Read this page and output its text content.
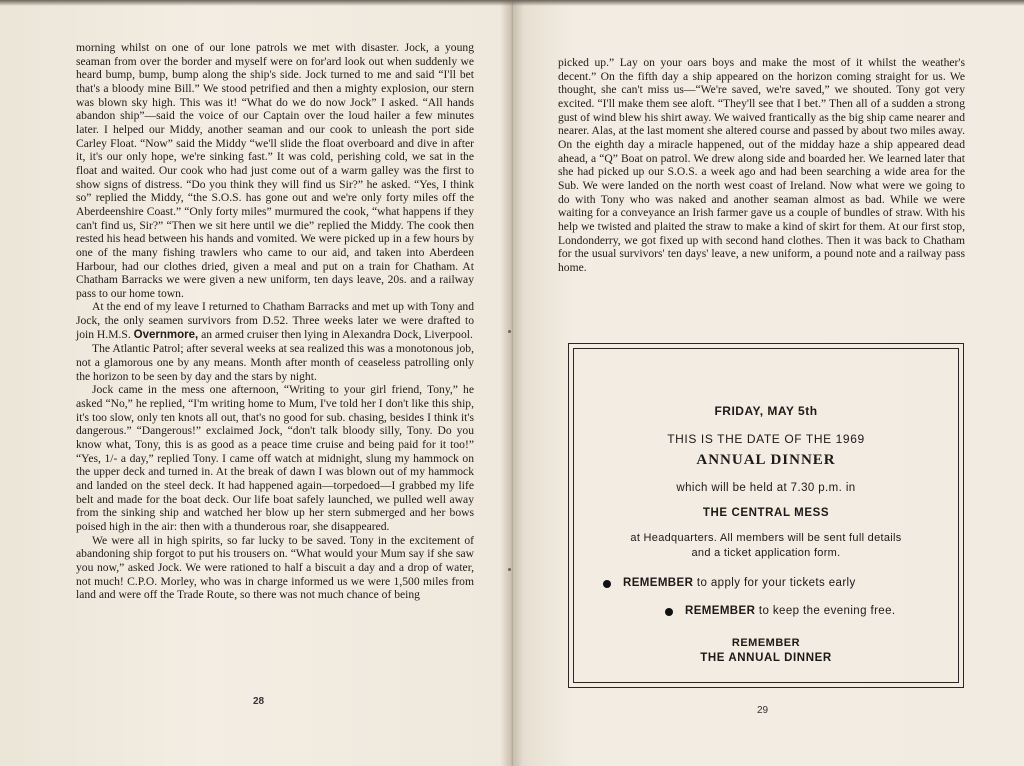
morning whilst on one of our lone patrols we met with disaster. Jock, a young seaman from over the border and myself were on for'ard look out when suddenly we heard bump, bump, bump along the ship's side. Jock turned to me and said “I'll bet that's a bloody mine Bill.” We stood petrified and then a mighty explosion, our stern was blown sky high. This was it! “What do we do now Jock” I asked. “All hands abandon ship”—said the voice of our Captain over the loud hailer a few minutes later. I helped our Middy, another seaman and our cook to unleash the port side Carley Float. “Now” said the Middy “we'll slide the float overboard and dive in after it, it's our only hope, we're sinking fast.” It was cold, perishing cold, we sat in the float and waited. Our cook who had just come out of a warm galley was the first to show signs of distress. “Do you think they will find us Sir?” he asked. “Yes, I think so” replied the Middy, “the S.O.S. has gone out and we're only forty miles off the Aberdeenshire Coast.” “Only forty miles” murmured the cook, “what happens if they can't find us, Sir?” “Then we sit here until we die” replied the Middy. The cook then rested his head between his hands and vomited. We were picked up in a few hours by one of the many fishing trawlers who came to our aid, and taken into Aberdeen Harbour, had our clothes dried, given a meal and put on a train for Chatham. At Chatham Barracks we were given a new uniform, ten days leave, 20s. and a railway pass to our home town.

At the end of my leave I returned to Chatham Barracks and met up with Tony and Jock, the only seamen survivors from D.52. Three weeks later we were drafted to join H.M.S. Overnmore, an armed cruiser then lying in Alexandra Dock, Liverpool.

The Atlantic Patrol; after several weeks at sea realized this was a monotonous job, not a glamorous one by any means. Month after month of ceaseless patrolling only the horizon to be seen by day and the stars by night.

Jock came in the mess one afternoon, “Writing to your girl friend, Tony,” he asked “No,” he replied, “I'm writing home to Mum, I've told her I don't like this ship, it's too slow, only ten knots all out, that's no good for sub. chasing, besides I think it's dangerous.” “Dangerous!” exclaimed Jock, “don't talk bloody silly, Tony. Do you know what, Tony, this is as good as a peace time cruise and being paid for it too!” “Yes, 1/- a day,” replied Tony. I came off watch at midnight, slung my hammock on the upper deck and turned in. At the break of dawn I was blown out of my hammock and landed on the steel deck. It had happened again—torpedoed—I grabbed my life belt and made for the boat deck. Our life boat safely launched, we pulled well away from the sinking ship and watched her blow up her stern submerged and her bows poised high in the air: then with a thunderous roar, she disappeared.

We were all in high spirits, so far lucky to be saved. Tony in the excitement of abandoning ship forgot to put his trousers on. “What would your Mum say if she saw you now,” asked Jock. We were rationed to half a biscuit a day and a drop of water, not much! C.P.O. Morley, who was in charge informed us we were 1,500 miles from land and were off the Trade Route, so there was not much chance of being

28

picked up.” Lay on your oars boys and make the most of it whilst the weather's decent.” On the fifth day a ship appeared on the horizon coming straight for us. We thought, she can't miss us—“We're saved, we're saved,” we shouted. Tony got very excited. “I'll make them see aloft. “They'll see that I bet.” Then all of a sudden a strong gust of wind blew his shirt away. We waived frantically as the big ship came nearer and nearer. Alas, at the last moment she altered course and passed by about two miles away. On the eighth day a miracle happened, out of the midday haze a ship appeared dead ahead, a “Q” Boat on patrol. We drew along side and boarded her. We learned later that she had picked up our S.O.S. a week ago and had been searching a wide area for the Sub. We were landed on the north west coast of Ireland. Now what were we going to do with Tony who was naked and another seaman almost as bad. While we were waiting for a conveyance an Irish farmer gave us a couple of bundles of straw. With his help we twisted and plaited the straw to make a kind of skirt for them. At our first stop, Londonderry, we got fixed up with second hand clothes. Then it was back to Chatham for the usual survivors' ten days' leave, a new uniform, a pound note and a railway pass home.

FRIDAY, MAY 5th
THIS IS THE DATE OF THE 1969
ANNUAL DINNER
which will be held at 7.30 p.m. in
THE CENTRAL MESS
at Headquarters. All members will be sent full details
and a ticket application form.
REMEMBER to apply for your tickets early
REMEMBER to keep the evening free.
REMEMBER
THE ANNUAL DINNER
29
